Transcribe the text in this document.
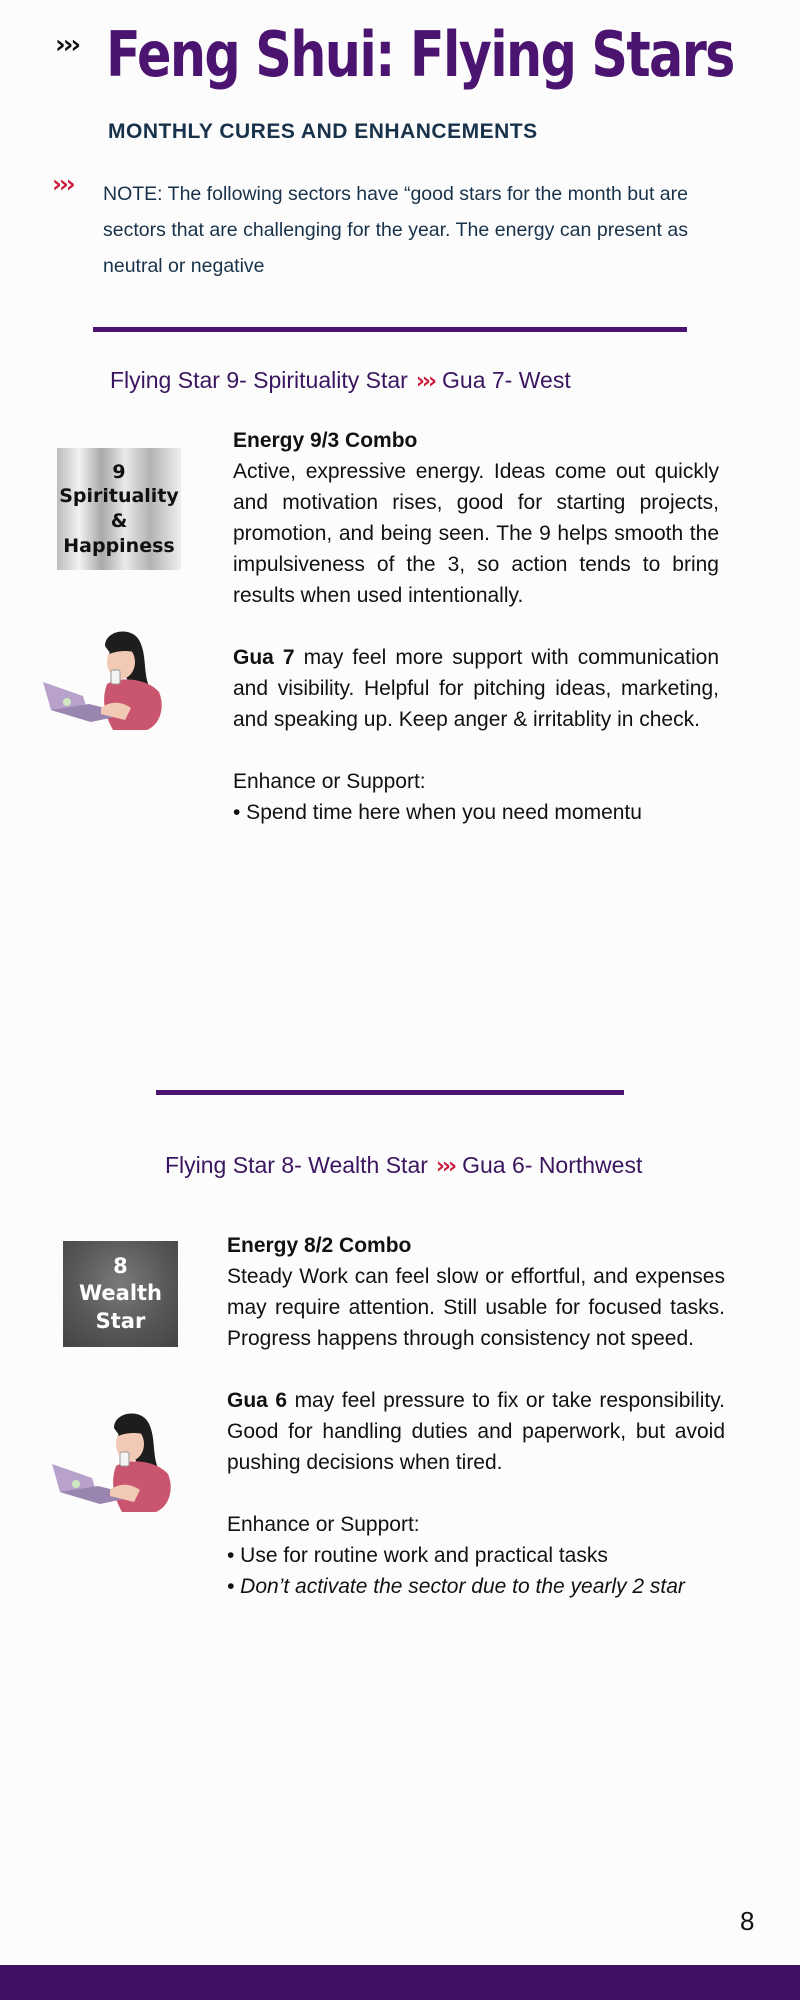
››› Feng Shui: Flying Stars
MONTHLY CURES AND ENHANCEMENTS
››› NOTE: The following sectors have “good stars for the month but are sectors that are challenging for the year. The energy can present as neutral or negative
Flying Star 9- Spirituality Star ››› Gua 7- West
9
Spirituality
&
Happiness

Energy 9/3 Combo

Active, expressive energy. Ideas come out quickly and motivation rises, good for starting projects, promotion, and being seen. The 9 helps smooth the impulsiveness of the 3, so action tends to bring results when used intentionally.

Gua 7 may feel more support with communication and visibility. Helpful for pitching ideas, marketing, and speaking up. Keep anger & irritablity in check.

Enhance or Support:

• Spend time here when you need momentu

Flying Star 8- Wealth Star ››› Gua 6- Northwest
8
Wealth
Star

Energy 8/2 Combo

Steady Work can feel slow or effortful, and expenses may require attention. Still usable for focused tasks. Progress happens through consistency not speed.

Gua 6 may feel pressure to fix or take responsibility. Good for handling duties and paperwork, but avoid pushing decisions when tired.

Enhance or Support:

• Use for routine work and practical tasks

• Don’t activate the sector due to the yearly 2 star

8
